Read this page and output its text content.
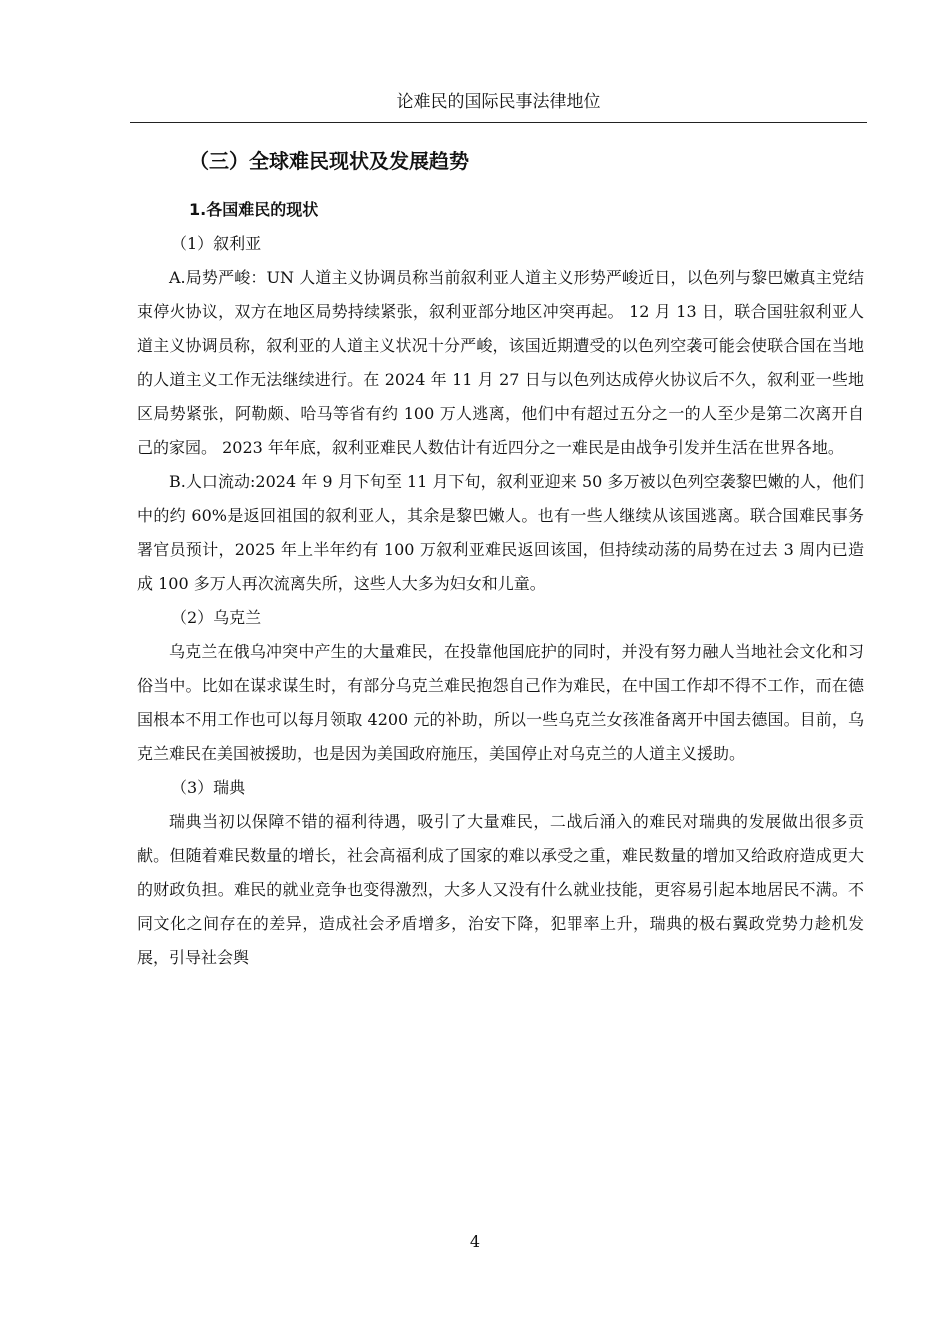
论难民的国际民事法律地位
（三）全球难民现状及发展趋势
1.各国难民的现状
（1）叙利亚

A.局势严峻：UN 人道主义协调员称当前叙利亚人道主义形势严峻近日，以色列与黎巴嫩真主党结束停火协议，双方在地区局势持续紧张，叙利亚部分地区冲突再起。 12 月 13 日，联合国驻叙利亚人道主义协调员称，叙利亚的人道主义状况十分严峻，该国近期遭受的以色列空袭可能会使联合国在当地的人道主义工作无法继续进行。在 2024 年 11 月 27 日与以色列达成停火协议后不久，叙利亚一些地区局势紧张，阿勒颇、哈马等省有约 100 万人逃离，他们中有超过五分之一的人至少是第二次离开自己的家园。 2023 年年底，叙利亚难民人数估计有近四分之一难民是由战争引发并生活在世界各地。

B.人口流动:2024 年 9 月下旬至 11 月下旬，叙利亚迎来 50 多万被以色列空袭黎巴嫩的人，他们中的约 60%是返回祖国的叙利亚人，其余是黎巴嫩人。也有一些人继续从该国逃离。联合国难民事务署官员预计，2025 年上半年约有 100 万叙利亚难民返回该国，但持续动荡的局势在过去 3 周内已造成 100 多万人再次流离失所，这些人大多为妇女和儿童。

（2）乌克兰

乌克兰在俄乌冲突中产生的大量难民，在投靠他国庇护的同时，并没有努力融人当地社会文化和习俗当中。比如在谋求谋生时，有部分乌克兰难民抱怨自己作为难民，在中国工作却不得不工作，而在德国根本不用工作也可以每月领取 4200 元的补助，所以一些乌克兰女孩准备离开中国去德国。目前，乌克兰难民在美国被援助，也是因为美国政府施压，美国停止对乌克兰的人道主义援助。

（3）瑞典

瑞典当初以保障不错的福利待遇，吸引了大量难民，二战后涌入的难民对瑞典的发展做出很多贡献。但随着难民数量的增长，社会高福利成了国家的难以承受之重，难民数量的增加又给政府造成更大的财政负担。难民的就业竞争也变得激烈，大多人又没有什么就业技能，更容易引起本地居民不满。不同文化之间存在的差异，造成社会矛盾增多，治安下降，犯罪率上升，瑞典的极右翼政党势力趁机发展，引导社会舆

4
